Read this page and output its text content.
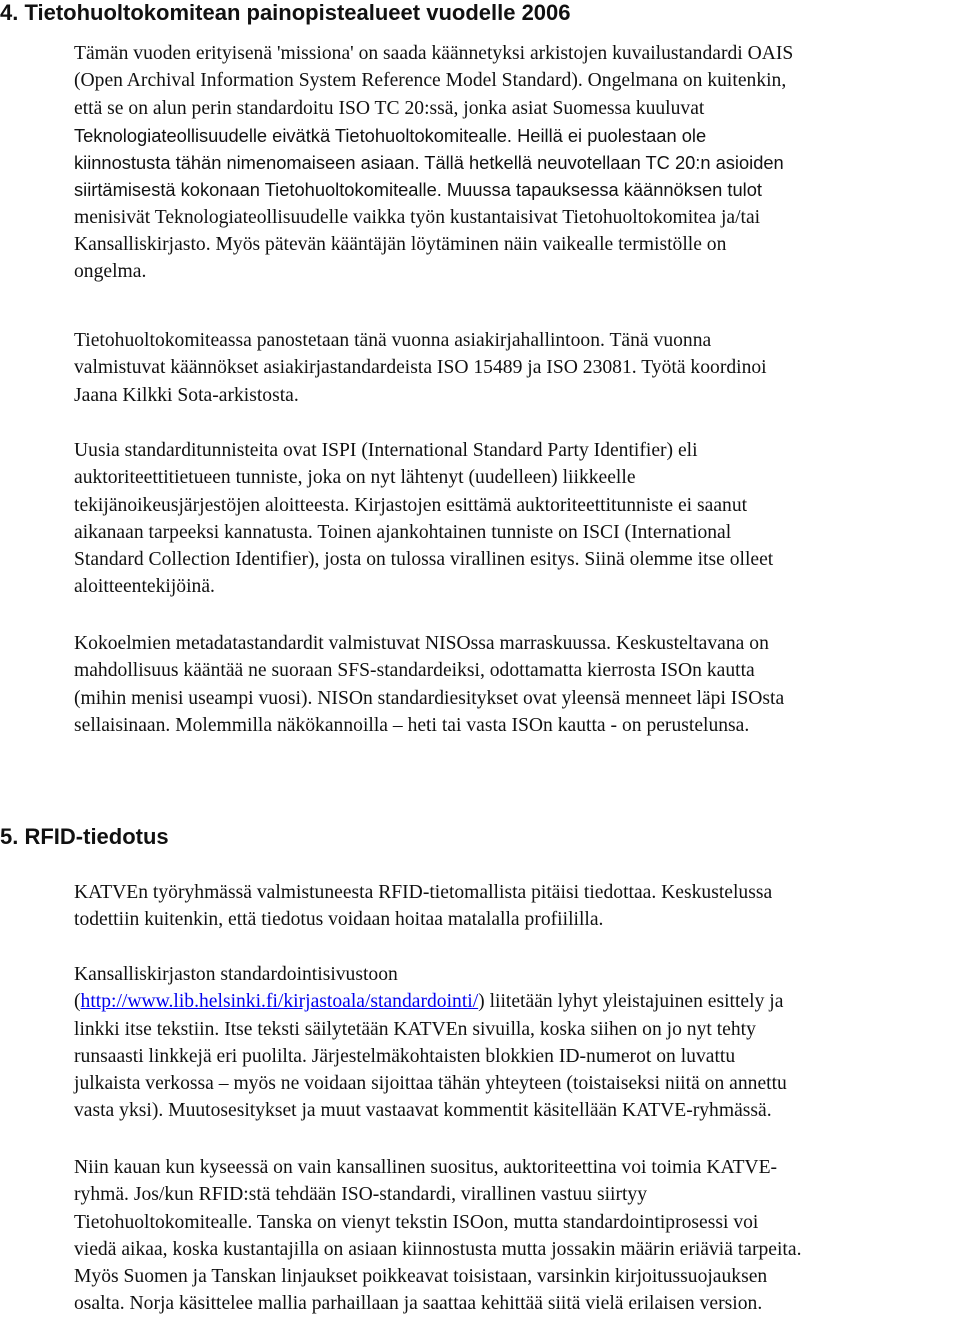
4. Tietohuoltokomitean painopistealueet vuodelle 2006

Tämän vuoden erityisenä 'missiona' on saada käännetyksi arkistojen kuvailustandardi OAIS
(Open Archival Information System Reference Model Standard). Ongelmana on kuitenkin,
että se on alun perin standardoitu ISO TC 20:ssä, jonka asiat Suomessa kuuluvat
Teknologiateollisuudelle eivätkä Tietohuoltokomitealle. Heillä ei puolestaan ole
kiinnostusta tähän nimenomaiseen asiaan. Tällä hetkellä neuvotellaan TC 20:n asioiden
siirtämisestä kokonaan Tietohuoltokomitealle. Muussa tapauksessa käännöksen tulot
menisivät Teknologiateollisuudelle vaikka työn kustantaisivat Tietohuoltokomitea ja/tai
Kansalliskirjasto. Myös pätevän kääntäjän löytäminen näin vaikealle termistölle on
ongelma.

Tietohuoltokomiteassa panostetaan tänä vuonna asiakirjahallintoon. Tänä vuonna
valmistuvat käännökset asiakirjastandardeista ISO 15489 ja ISO 23081. Työtä koordinoi
Jaana Kilkki Sota-arkistosta.

Uusia standarditunnisteita ovat ISPI (International Standard Party Identifier) eli
auktoriteettitietueen tunniste, joka on nyt lähtenyt (uudelleen) liikkeelle
tekijänoikeusjärjestöjen aloitteesta. Kirjastojen esittämä auktoriteettitunniste ei saanut
aikanaan tarpeeksi kannatusta. Toinen ajankohtainen tunniste on ISCI (International
Standard Collection Identifier), josta on tulossa virallinen esitys. Siinä olemme itse olleet
aloitteentekijöinä.

Kokoelmien metadatastandardit valmistuvat NISOssa marraskuussa. Keskusteltavana on
mahdollisuus kääntää ne suoraan SFS-standardeiksi, odottamatta kierrosta ISOn kautta
(mihin menisi useampi vuosi). NISOn standardiesitykset ovat yleensä menneet läpi ISOsta
sellaisinaan. Molemmilla näkökannoilla – heti tai vasta ISOn kautta - on perustelunsa.

5. RFID-tiedotus

KATVEn työryhmässä valmistuneesta RFID-tietomallista pitäisi tiedottaa. Keskustelussa
todettiin kuitenkin, että tiedotus voidaan hoitaa matalalla profiililla.

Kansalliskirjaston standardointisivustoon
(http://www.lib.helsinki.fi/kirjastoala/standardointi/) liitetään lyhyt yleistajuinen esittely ja
linkki itse tekstiin. Itse teksti säilytetään KATVEn sivuilla, koska siihen on jo nyt tehty
runsaasti linkkejä eri puolilta. Järjestelmäkohtaisten blokkien ID-numerot on luvattu
julkaista verkossa – myös ne voidaan sijoittaa tähän yhteyteen (toistaiseksi niitä on annettu
vasta yksi). Muutosesitykset ja muut vastaavat kommentit käsitellään KATVE-ryhmässä.

Niin kauan kun kyseessä on vain kansallinen suositus, auktoriteettina voi toimia KATVE-
ryhmä. Jos/kun RFID:stä tehdään ISO-standardi, virallinen vastuu siirtyy
Tietohuoltokomitealle. Tanska on vienyt tekstin ISOon, mutta standardointiprosessi voi
viedä aikaa, koska kustantajilla on asiaan kiinnostusta mutta jossakin määrin eriäviä tarpeita.
Myös Suomen ja Tanskan linjaukset poikkeavat toisistaan, varsinkin kirjoitussuojauksen
osalta. Norja käsittelee mallia parhaillaan ja saattaa kehittää siitä vielä erilaisen version.
